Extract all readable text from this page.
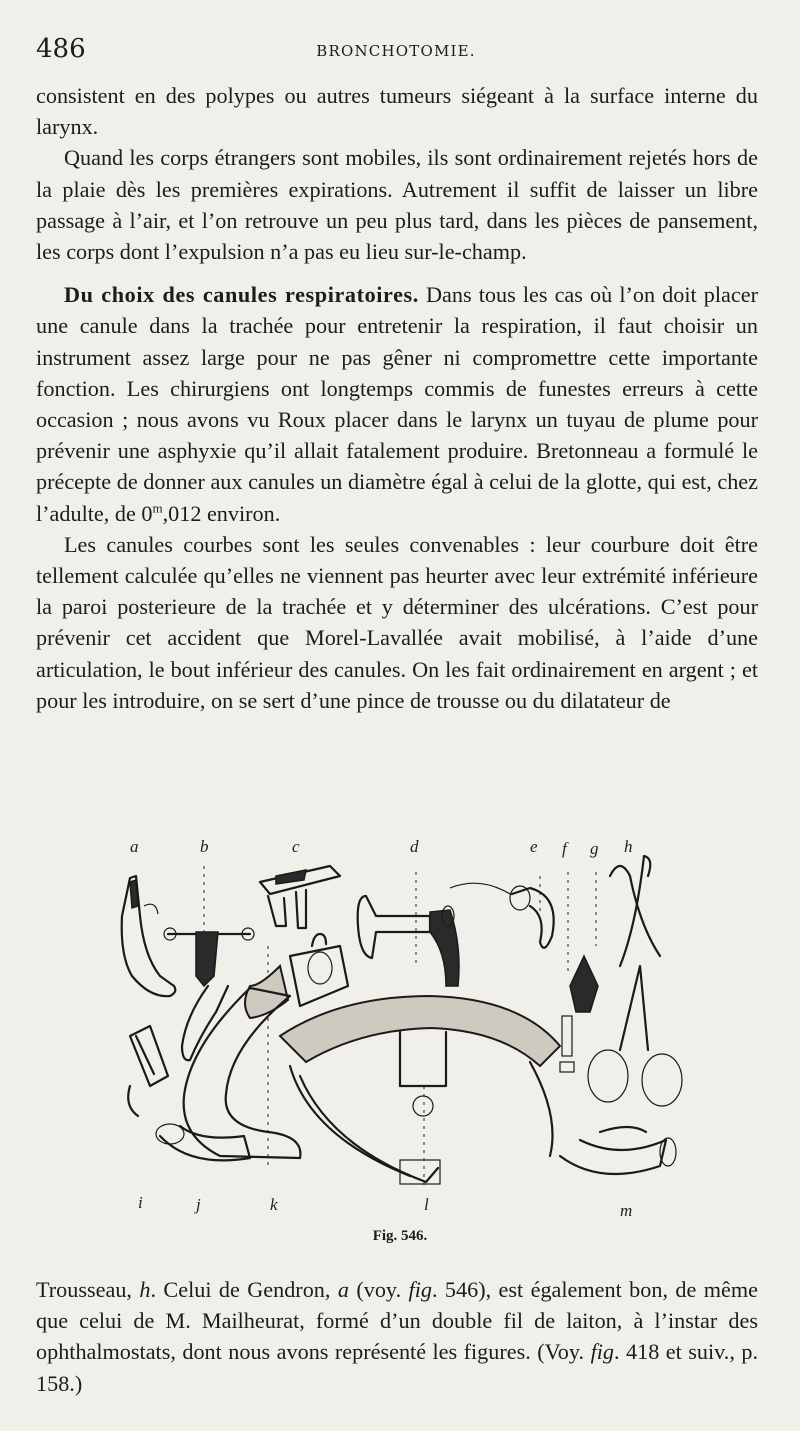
486	BRONCHOTOMIE.

consistent en des polypes ou autres tumeurs siégeant à la surface interne du larynx.

Quand les corps étrangers sont mobiles, ils sont ordinairement rejetés hors de la plaie dès les premières expirations. Autrement il suffit de laisser un libre passage à l’air, et l’on retrouve un peu plus tard, dans les pièces de pansement, les corps dont l’expulsion n’a pas eu lieu sur-le-champ.

Du choix des canules respiratoires. Dans tous les cas où l’on doit placer une canule dans la trachée pour entretenir la respiration, il faut choisir un instrument assez large pour ne pas gêner ni compromettre cette importante fonction. Les chirurgiens ont longtemps commis de funestes erreurs à cette occasion ; nous avons vu Roux placer dans le larynx un tuyau de plume pour prévenir une asphyxie qu’il allait fatalement produire. Bretonneau a formulé le précepte de donner aux canules un diamètre égal à celui de la glotte, qui est, chez l’adulte, de 0$^m$,012 environ.

Les canules courbes sont les seules convenables : leur courbure doit être tellement calculée qu’elles ne viennent pas heurter avec leur extrémité inférieure la paroi posterieure de la trachée et y déterminer des ulcérations. C’est pour prévenir cet accident que Morel-Lavallée avait mobilisé, à l’aide d’une articulation, le bout inférieur des canules. On les fait ordinairement en argent ; et pour les introduire, on se sert d’une pince de trousse ou du dilatateur de

a	b	c	d	e f g h
i	j	k	l	m
Fig. 546.

Trousseau, h. Celui de Gendron, a (voy. fig. 546), est également bon, de même que celui de M. Mailheurat, formé d’un double fil de laiton, à l’instar des ophthalmostats, dont nous avons représenté les figures. (Voy. fig. 418 et suiv., p. 158.)
